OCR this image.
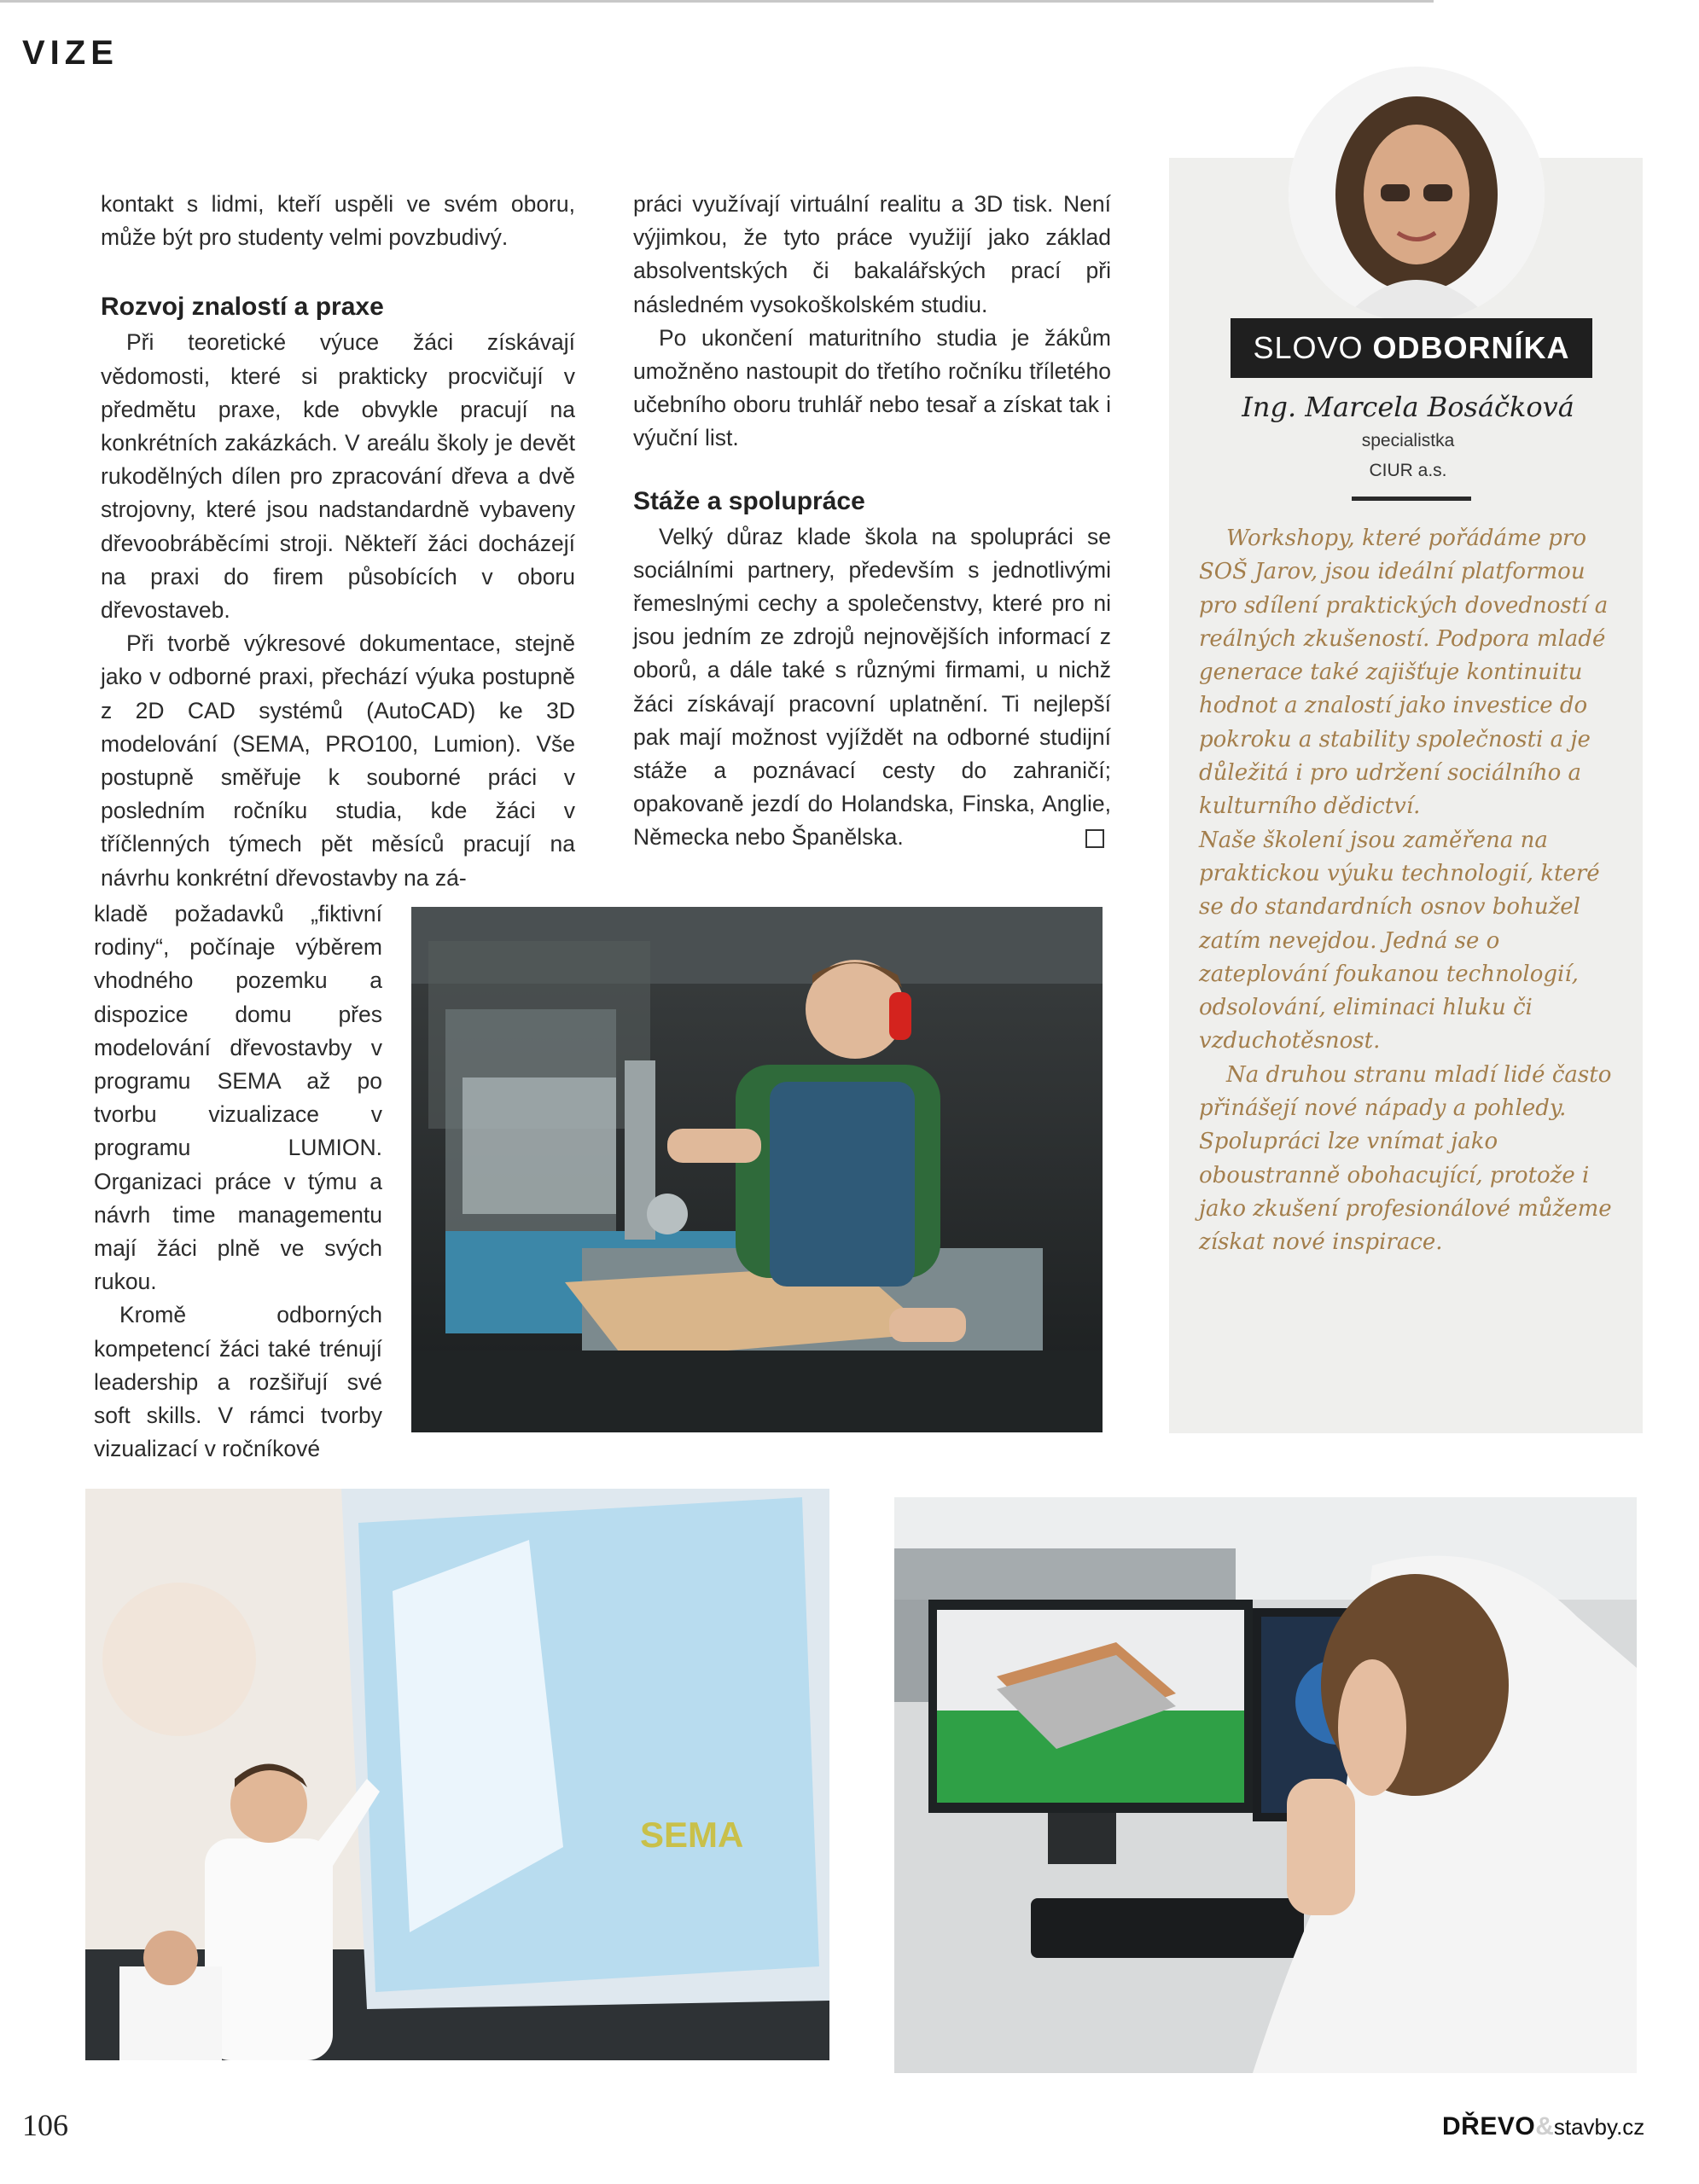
VIZE

kontakt s lidmi, kteří uspěli ve svém oboru, může být pro studenty velmi povzbudivý.

Rozvoj znalostí a praxe

Při teoretické výuce žáci získávají vědomosti, které si prakticky procvičují v předmětu praxe, kde obvykle pracují na konkrétních zakázkách. V areálu školy je devět rukodělných dílen pro zpracování dřeva a dvě strojovny, které jsou nadstandardně vybaveny dřevoobráběcími stroji. Někteří žáci docházejí na praxi do firem působících v oboru dřevostaveb.

Při tvorbě výkresové dokumentace, stejně jako v odborné praxi, přechází výuka postupně z 2D CAD systémů (AutoCAD) ke 3D modelování (SEMA, PRO100, Lumion). Vše postupně směřuje k souborné práci v posledním ročníku studia, kde žáci v tříčlenných týmech pět měsíců pracují na návrhu konkrétní dřevostavby na zá-

kladě požadavků „fiktivní rodiny“, počínaje výběrem vhodného pozemku a dispozice domu přes modelování dřevostavby v programu SEMA až po tvorbu vizualizace v programu LUMION. Organizaci práce v týmu a návrh time managementu mají žáci plně ve svých rukou.

Kromě odborných kompetencí žáci také trénují leadership a rozšiřují své soft skills. V rámci tvorby vizualizací v ročníkové

práci využívají virtuální realitu a 3D tisk. Není výjimkou, že tyto práce využijí jako základ absolventských či bakalářských prací při následném vysokoškolském studiu.

Po ukončení maturitního studia je žákům umožněno nastoupit do třetího ročníku tříletého učebního oboru truhlář nebo tesař a získat tak i výuční list.

Stáže a spolupráce

Velký důraz klade škola na spolupráci se sociálními partnery, především s jednotlivými řemeslnými cechy a společenstvy, které pro ni jsou jedním ze zdrojů nejnovějších informací z oborů, a dále také s různými firmami, u nichž žáci získávají pracovní uplatnění. Ti nejlepší pak mají možnost vyjíždět na odborné studijní stáže a poznávací cesty do zahraničí; opakovaně jezdí do Holandska, Finska, Anglie, Německa nebo Španělska.

SLOVO ODBORNÍKA
Ing. Marcela Bosáčková
specialistka
CIUR a.s.

Workshopy, které pořádáme pro SOŠ Jarov, jsou ideální platformou pro sdílení praktických dovedností a reálných zkušeností. Podpora mladé generace také zajišťuje kontinuitu hodnot a znalostí jako investice do pokroku a stability společnosti a je důležitá i pro udržení sociálního a kulturního dědictví.

Naše školení jsou zaměřena na praktickou výuku technologií, které se do standardních osnov bohužel zatím nevejdou. Jedná se o zateplování foukanou technologií, odsolování, eliminaci hluku či vzduchotěsnost.

Na druhou stranu mladí lidé často přinášejí nové nápady a pohledy. Spolupráci lze vnímat jako oboustranně obohacující, protože i jako zkušení profesionálové můžeme získat nové inspirace.

SEMA
106	DŘEVO&stavby.cz
